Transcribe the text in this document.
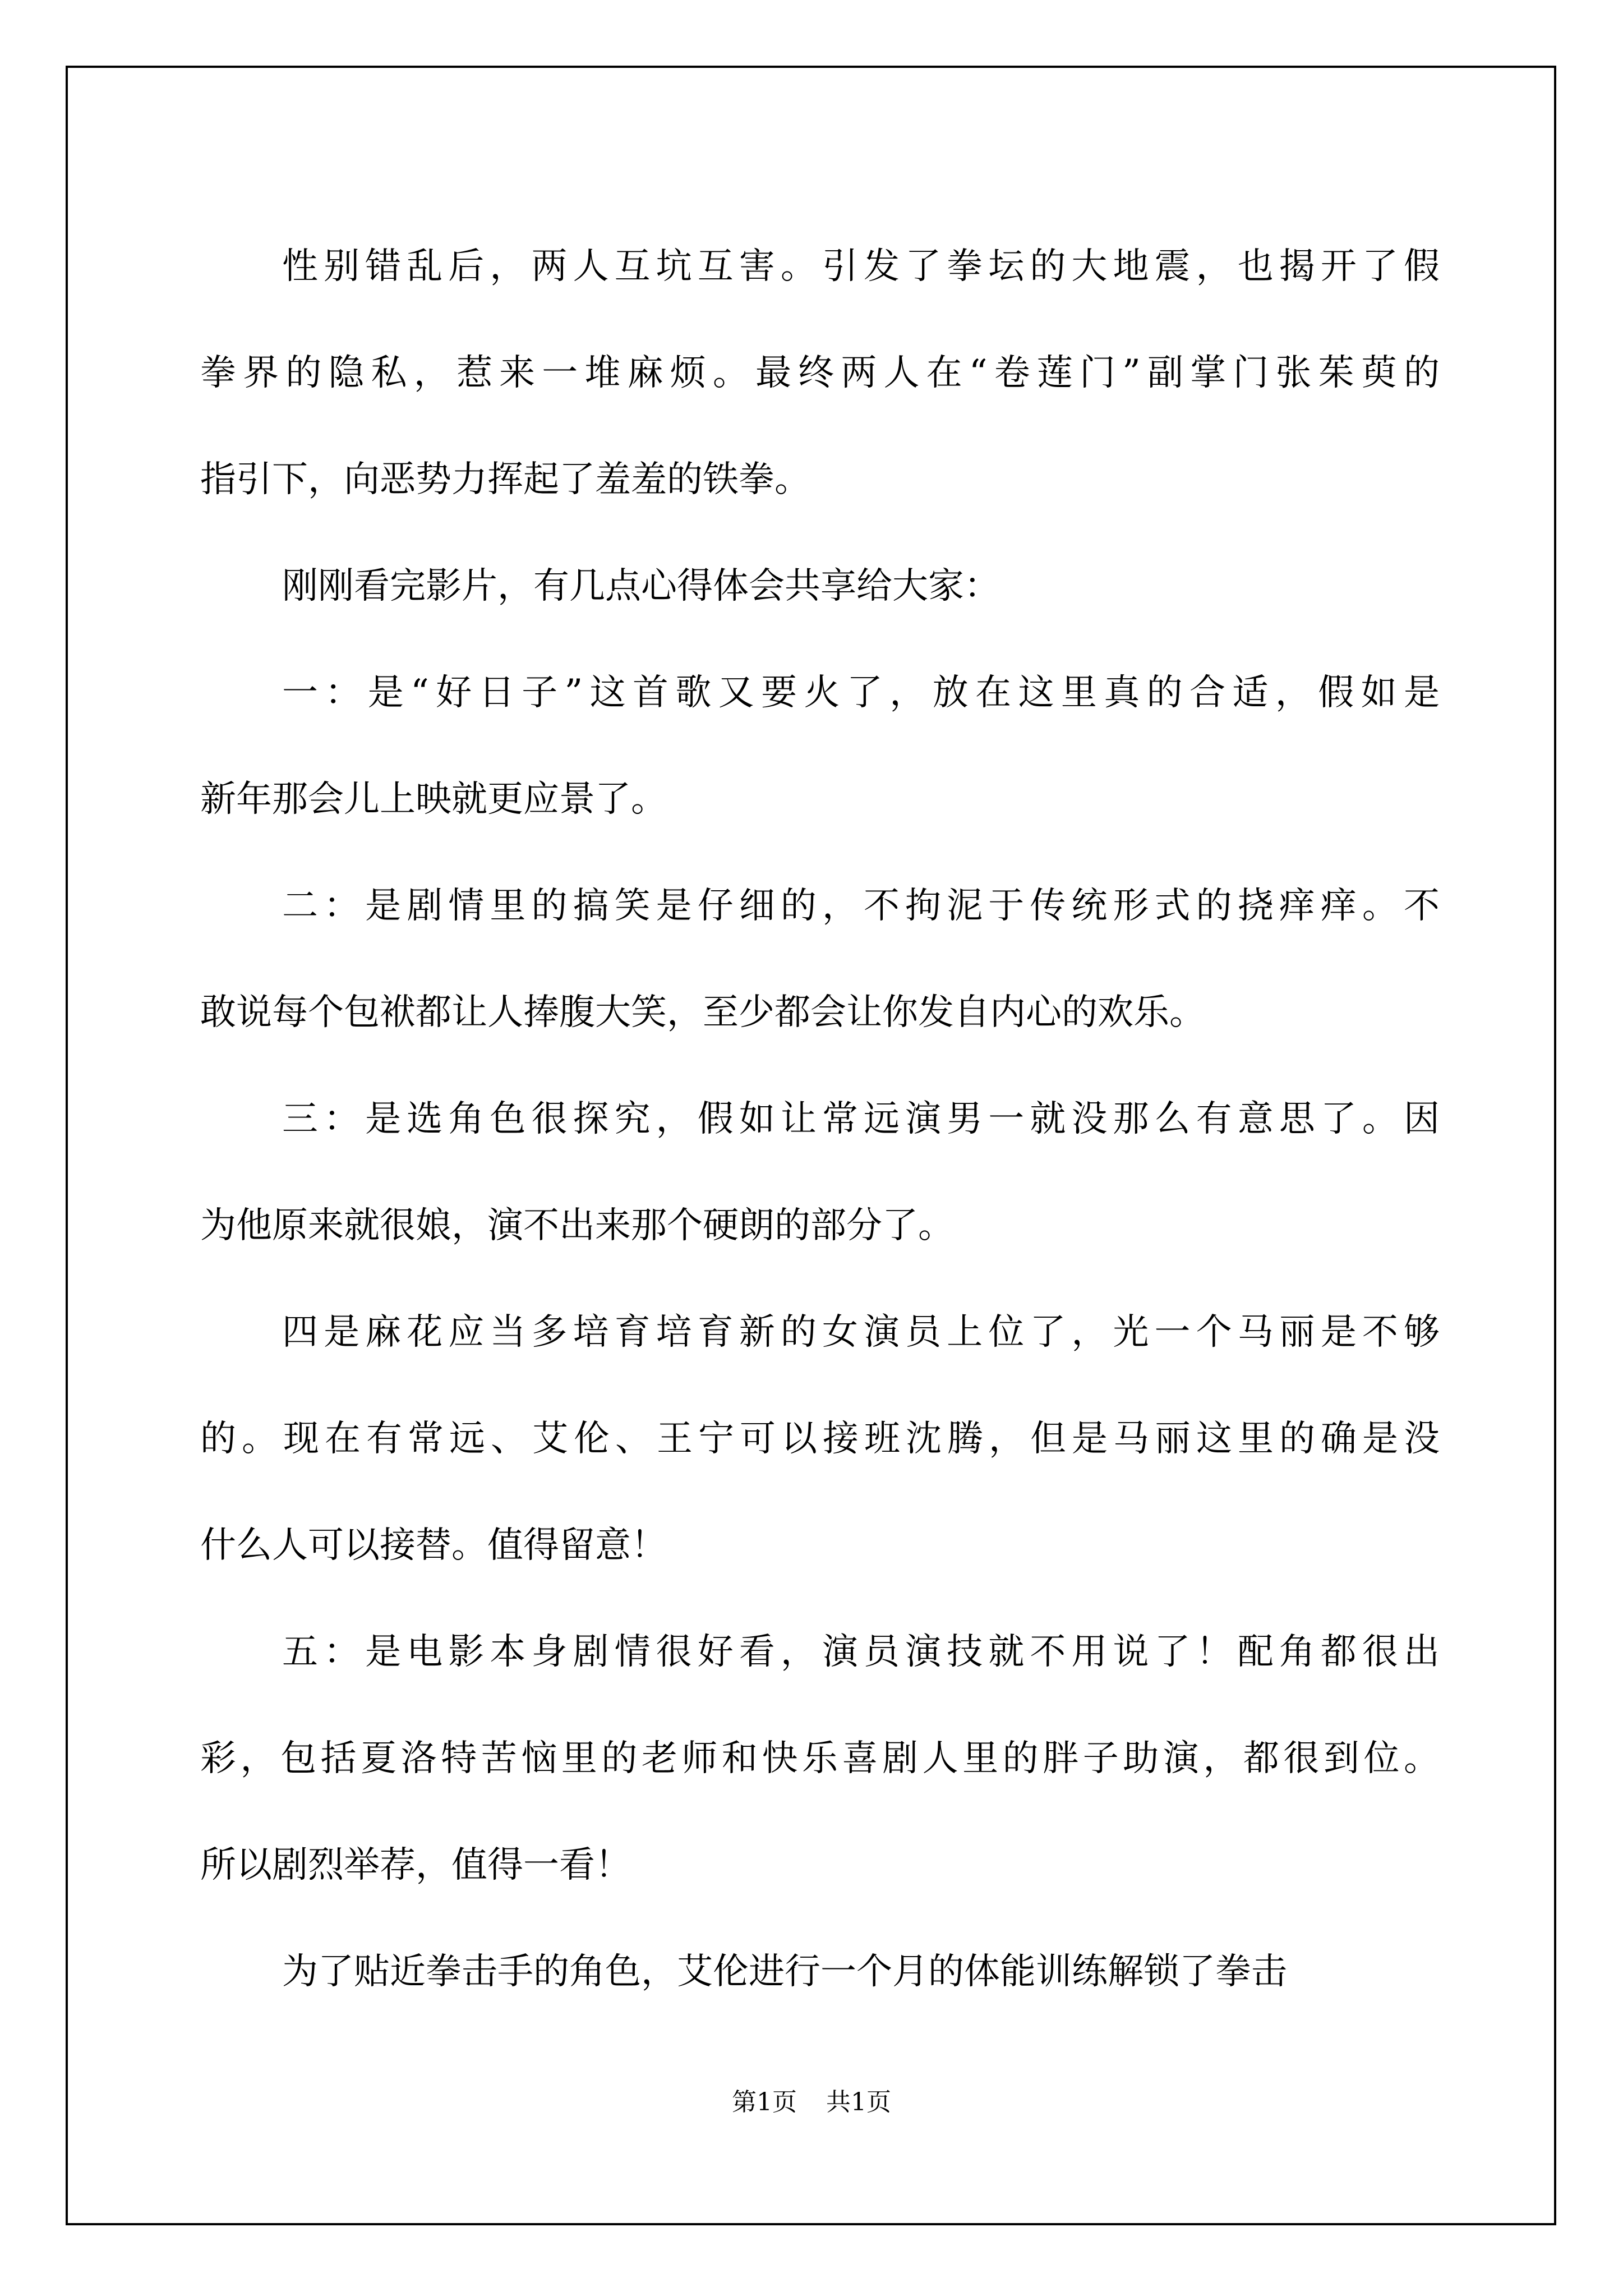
性别错乱后，两人互坑互害。引发了拳坛的大地震，也揭开了假

拳界的隐私，惹来一堆麻烦。最终两人在“卷莲门”副掌门张茱萸的

指引下，向恶势力挥起了羞羞的铁拳。

刚刚看完影片，有几点心得体会共享给大家：

一：是“好日子”这首歌又要火了，放在这里真的合适，假如是

新年那会儿上映就更应景了。

二：是剧情里的搞笑是仔细的，不拘泥于传统形式的挠痒痒。不

敢说每个包袱都让人捧腹大笑，至少都会让你发自内心的欢乐。

三：是选角色很探究，假如让常远演男一就没那么有意思了。因

为他原来就很娘，演不出来那个硬朗的部分了。

四是麻花应当多培育培育新的女演员上位了，光一个马丽是不够

的。现在有常远、艾伦、王宁可以接班沈腾，但是马丽这里的确是没

什么人可以接替。值得留意！

五：是电影本身剧情很好看，演员演技就不用说了！配角都很出

彩，包括夏洛特苦恼里的老师和快乐喜剧人里的胖子助演，都很到位。

所以剧烈举荐，值得一看！

为了贴近拳击手的角色，艾伦进行一个月的体能训练解锁了拳击

第1页 共1页
